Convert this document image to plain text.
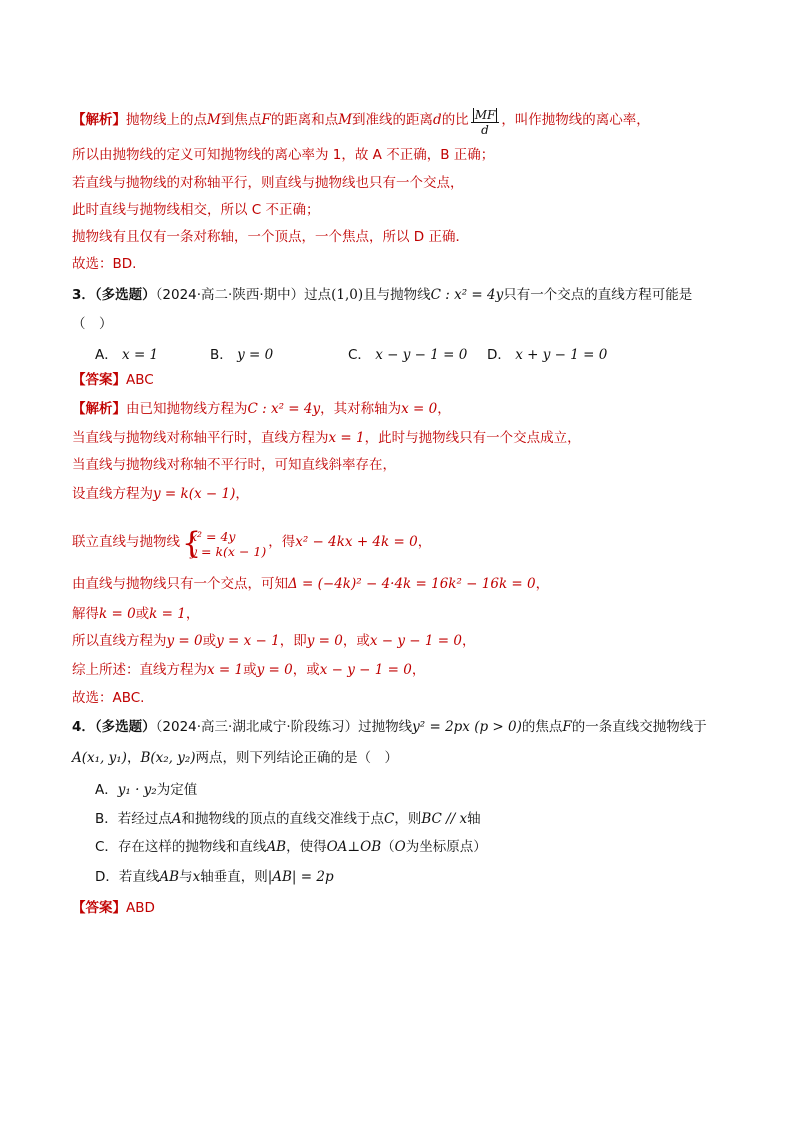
【解析】抛物线上的点M到焦点F的距离和点M到准线的距离d的比 $\frac{MF}{d}$ ，叫作抛物线的离心率，
所以由抛物线的定义可知抛物线的离心率为 1，故 A 不正确，B 正确；
若直线与抛物线的对称轴平行，则直线与抛物线也只有一个交点，
此时直线与抛物线相交，所以 C 不正确；
抛物线有且仅有一条对称轴，一个顶点，一个焦点，所以 D 正确．
故选：BD.
3．（多选题）（2024·高二·陕西·期中）过点(1,0)且与抛物线C : x² = 4y只有一个交点的直线方程可能是
（　）
A． x = 1	B． y = 0	C． x − y − 1 = 0 D． x + y − 1 = 0
【答案】ABC
【解析】由已知抛物线方程为C : x² = 4y，其对称轴为x = 0，
当直线与抛物线对称轴平行时，直线方程为x = 1，此时与抛物线只有一个交点成立，
当直线与抛物线对称轴不平行时，可知直线斜率存在，
设直线方程为y = k(x − 1)，
联立直线与抛物线 {
x² = 4y
y = k(x − 1)
，得x² − 4kx + 4k = 0，
由直线与抛物线只有一个交点，可知Δ = (−4k)² − 4·4k = 16k² − 16k = 0，
解得k = 0或k = 1，
所以直线方程为y = 0或y = x − 1，即y = 0，或x − y − 1 = 0，
综上所述：直线方程为x = 1或y = 0，或x − y − 1 = 0，
故选：ABC.
4．（多选题）（2024·高三·湖北咸宁·阶段练习）过抛物线y² = 2px (p > 0)的焦点F的一条直线交抛物线于
A(x₁, y₁)，B(x₂, y₂)两点，则下列结论正确的是（　）
A．y₁ · y₂为定值
B．若经过点A和抛物线的顶点的直线交准线于点C，则BC // x轴
C．存在这样的抛物线和直线AB，使得OA⊥OB（O为坐标原点）
D．若直线AB与x轴垂直，则|AB| = 2p
【答案】ABD
